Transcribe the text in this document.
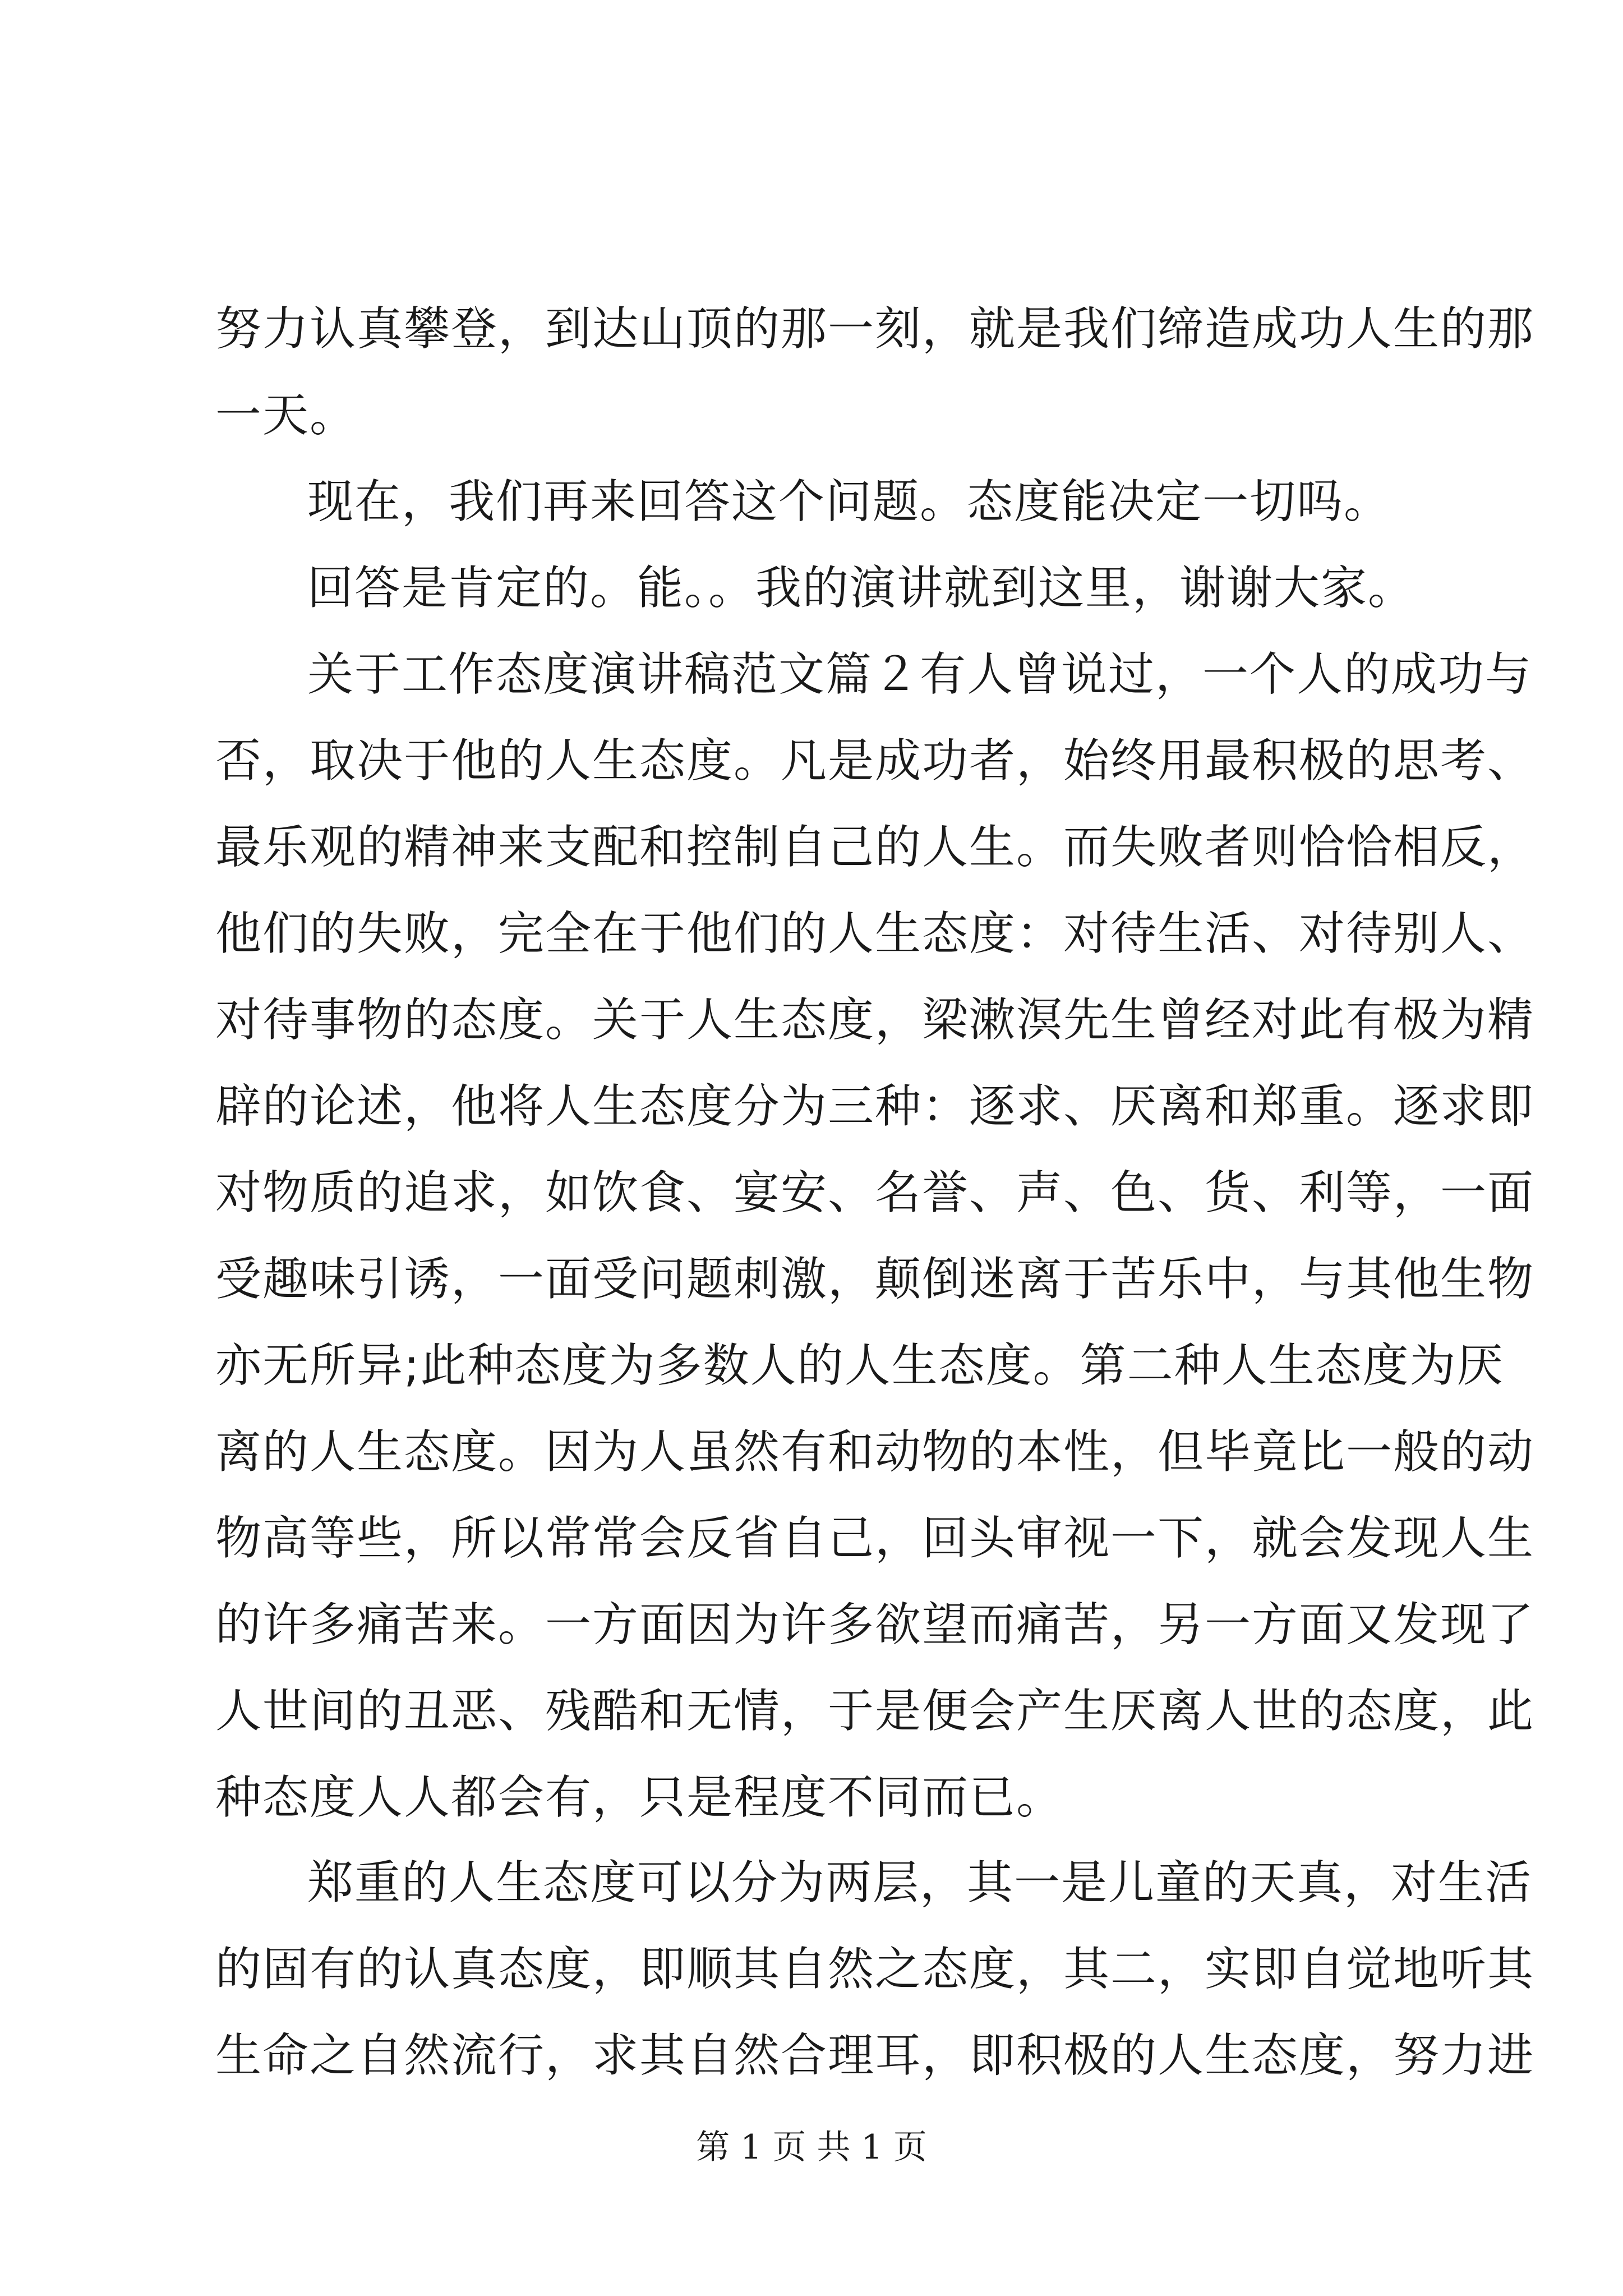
努力认真攀登，到达山顶的那一刻，就是我们缔造成功人生的那
一天。

现在，我们再来回答这个问题。态度能决定一切吗。

回答是肯定的。能。。我的演讲就到这里，谢谢大家。

关于工作态度演讲稿范文篇２有人曾说过，一个人的成功与
否，取决于他的人生态度。凡是成功者，始终用最积极的思考、
最乐观的精神来支配和控制自己的人生。而失败者则恰恰相反，
他们的失败，完全在于他们的人生态度：对待生活、对待别人、
对待事物的态度。关于人生态度，梁漱溟先生曾经对此有极为精
辟的论述，他将人生态度分为三种：逐求、厌离和郑重。逐求即
对物质的追求，如饮食、宴安、名誉、声、色、货、利等，一面
受趣味引诱，一面受问题刺激，颠倒迷离于苦乐中，与其他生物
亦无所异;此种态度为多数人的人生态度。第二种人生态度为厌
离的人生态度。因为人虽然有和动物的本性，但毕竟比一般的动
物高等些，所以常常会反省自己，回头审视一下，就会发现人生
的许多痛苦来。一方面因为许多欲望而痛苦，另一方面又发现了
人世间的丑恶、残酷和无情，于是便会产生厌离人世的态度，此
种态度人人都会有，只是程度不同而已。

郑重的人生态度可以分为两层，其一是儿童的天真，对生活
的固有的认真态度，即顺其自然之态度，其二，实即自觉地听其
生命之自然流行，求其自然合理耳，即积极的人生态度，努力进

第 1 页 共 1 页
